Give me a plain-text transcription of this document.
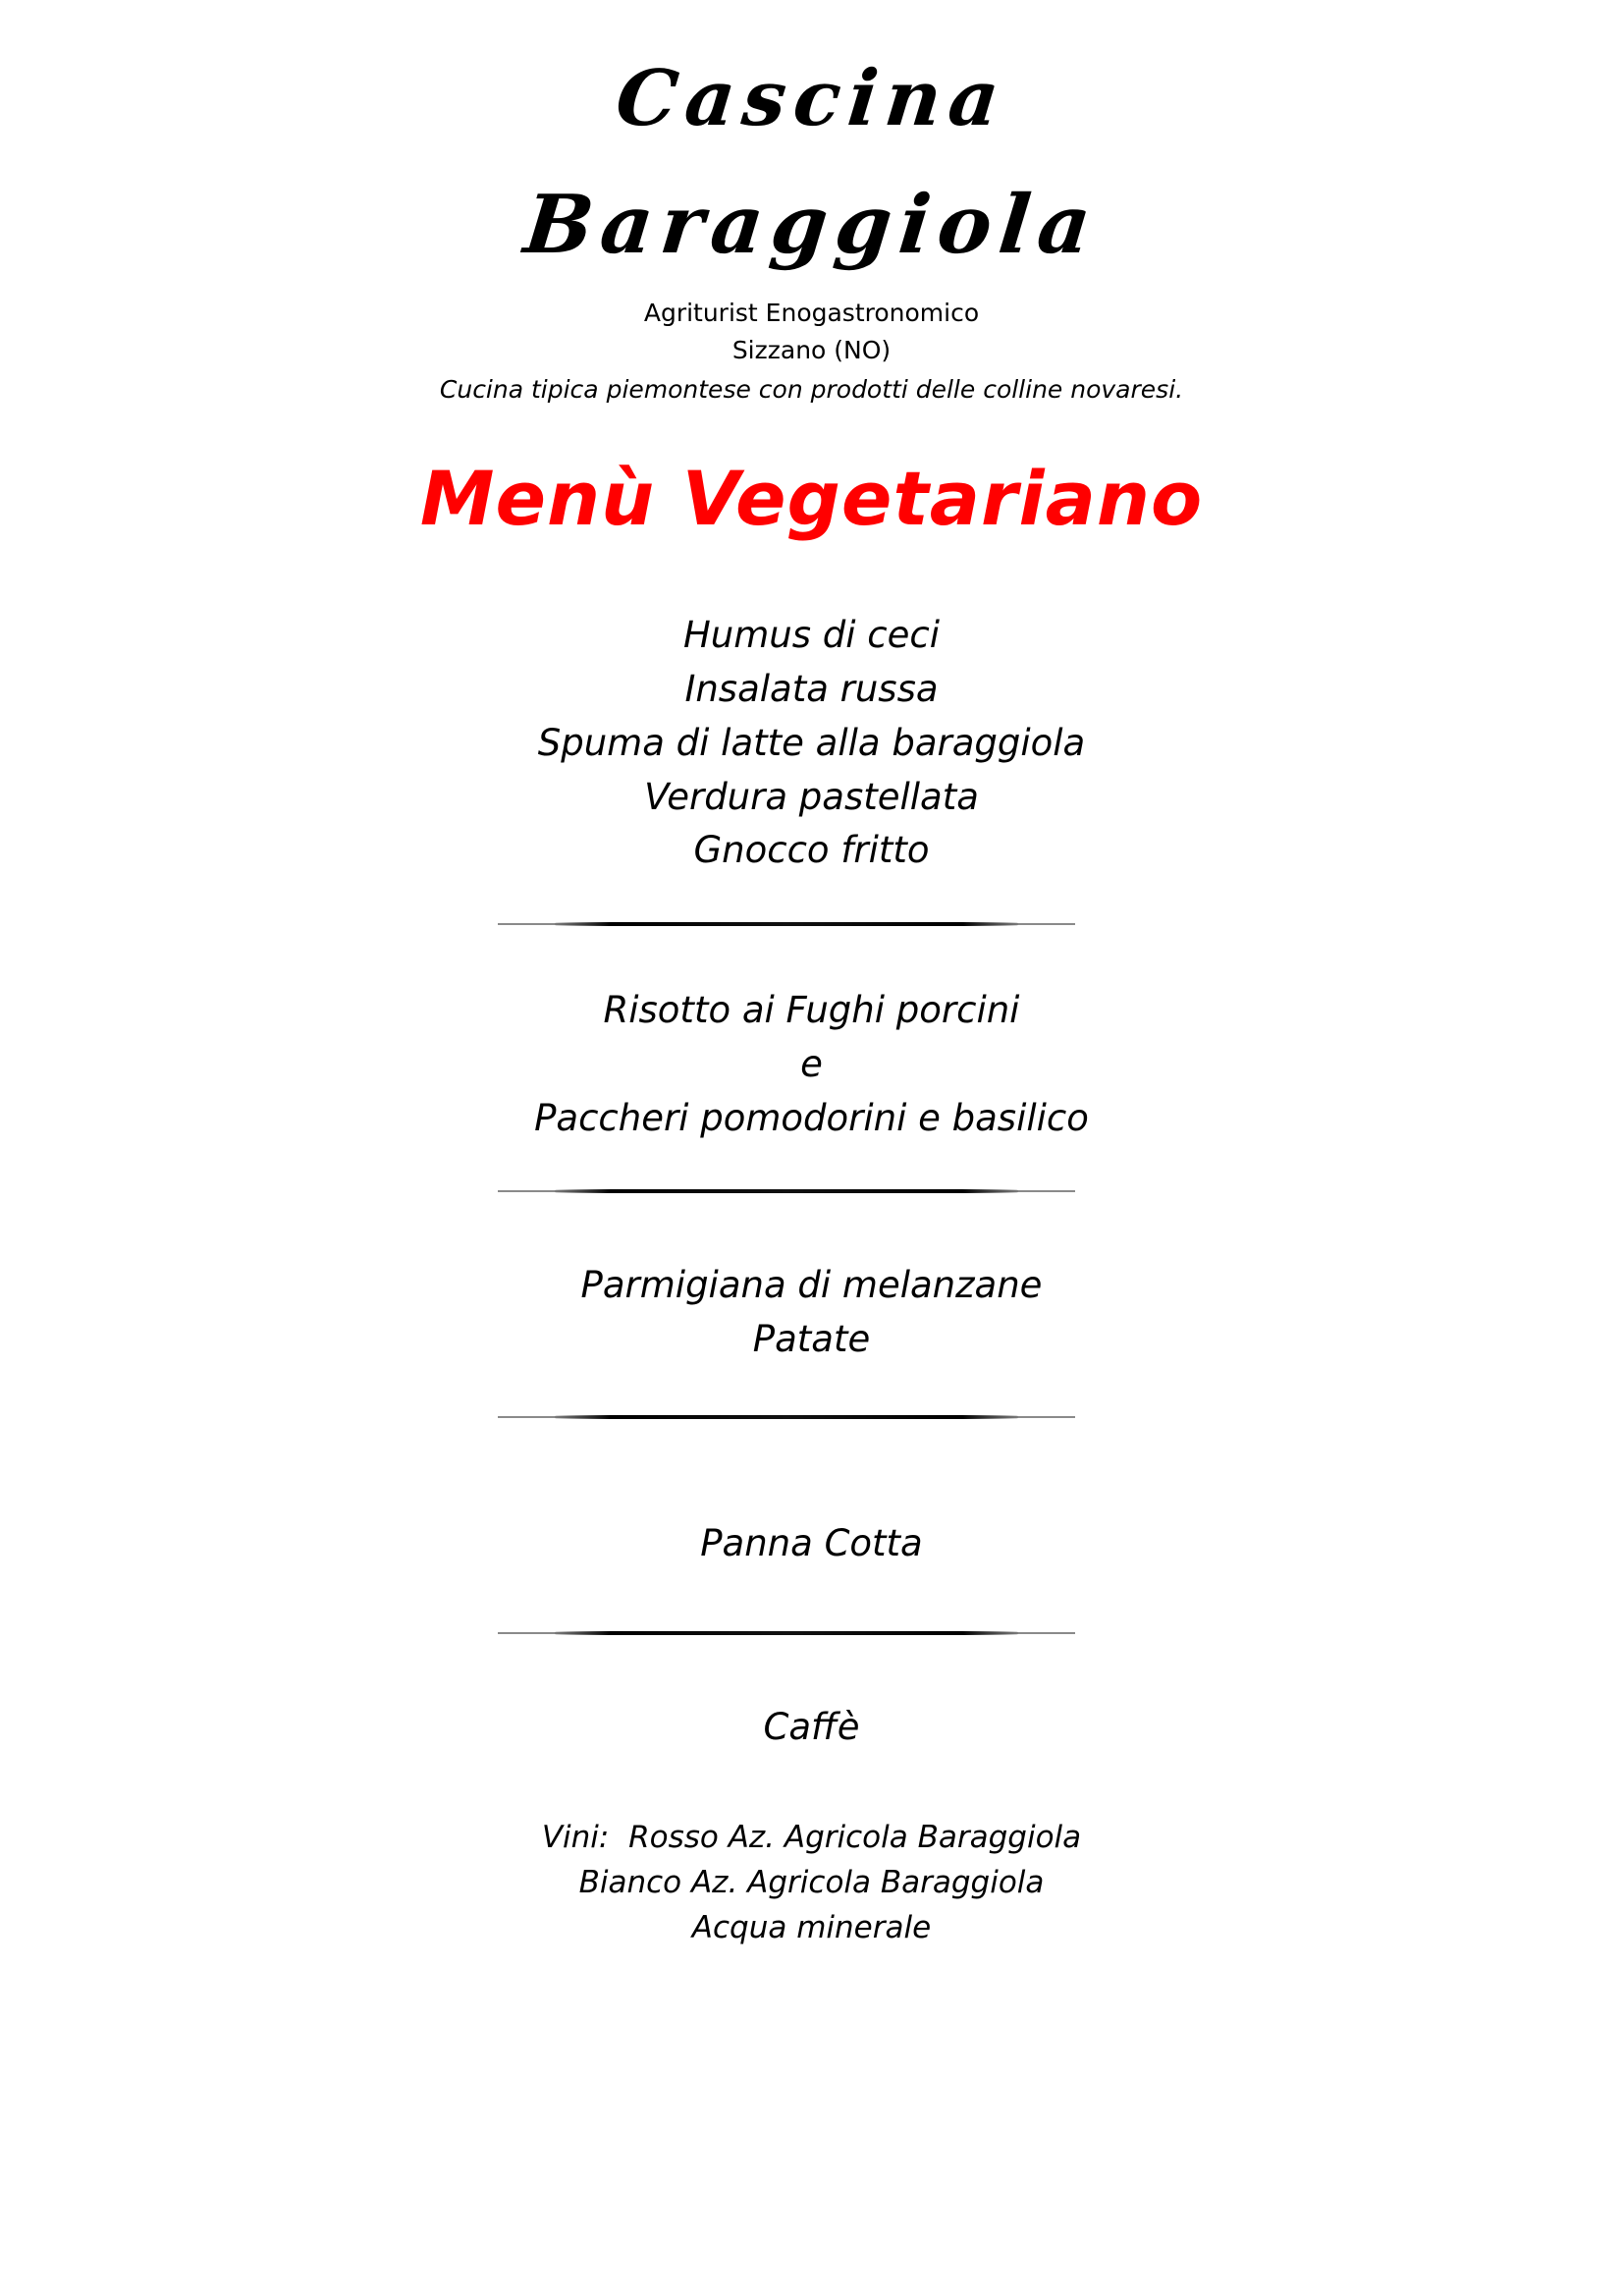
Cascina
Baraggiola
Agriturist Enogastronomico
Sizzano (NO)
Cucina tipica piemontese con prodotti delle colline novaresi.
Menù Vegetariano
Humus di ceci
Insalata russa
Spuma di latte alla baraggiola
Verdura pastellata
Gnocco fritto
Risotto ai Fughi porcini
e
Paccheri pomodorini e basilico
Parmigiana di melanzane
Patate
Panna Cotta
Caffè
Vini:  Rosso Az. Agricola Baraggiola
Bianco Az. Agricola Baraggiola
Acqua minerale
